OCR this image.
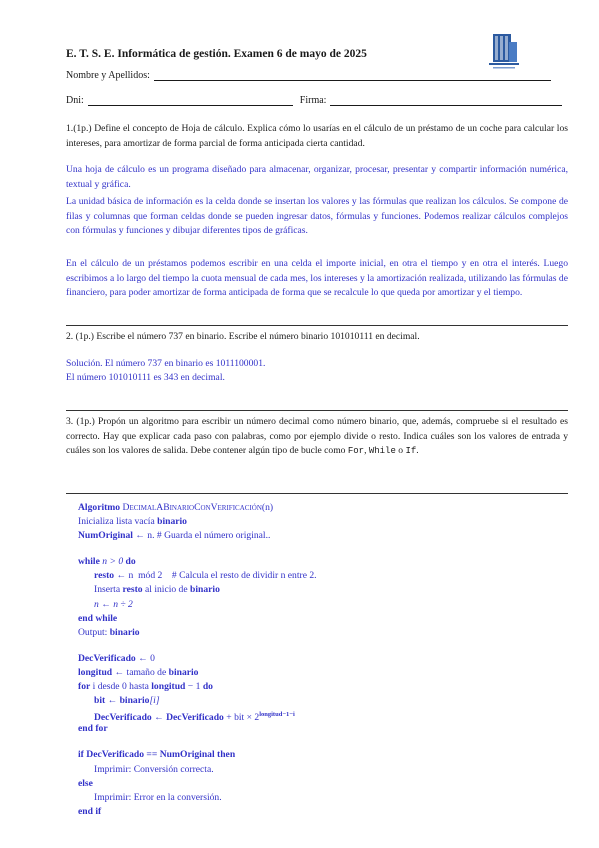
E. T. S. E. Informática de gestión. Examen 6 de mayo de 2025
Nombre y Apellidos:
Dni:	Firma:
1.(1p.) Define el concepto de Hoja de cálculo. Explica cómo lo usarías en el cálculo de un préstamo de un coche para calcular los intereses, para amortizar de forma parcial de forma anticipada cierta cantidad.
Una hoja de cálculo es un programa diseñado para almacenar, organizar, procesar, presentar y compartir información numérica, textual y gráfica.
La unidad básica de información es la celda donde se insertan los valores y las fórmulas que realizan los cálculos. Se compone de filas y columnas que forman celdas donde se pueden ingresar datos, fórmulas y funciones. Podemos realizar cálculos complejos con fórmulas y funciones y dibujar diferentes tipos de gráficas.
En el cálculo de un préstamos podemos escribir en una celda el importe inicial, en otra el tiempo y en otra el interés. Luego escribimos a lo largo del tiempo la cuota mensual de cada mes, los intereses y la amortización realizada, utilizando las fórmulas de financiero, para poder amortizar de forma anticipada de forma que se recalcule lo que queda por amortizar y el tiempo.
2. (1p.) Escribe el número 737 en binario. Escribe el número binario 101010111 en decimal.
Solución. El número 737 en binario es 1011100001.
El número 101010111 es 343 en decimal.
3. (1p.) Propón un algoritmo para escribir un número decimal como número binario, que, además, compruebe si el resultado es correcto. Hay que explicar cada paso con palabras, como por ejemplo divide o resto. Indica cuáles son los valores de entrada y cuáles son los valores de salida. Debe contener algún tipo de bucle como For, While o If.
Algoritmo DecimalABinarioConVerificación(n)
Inicializa lista vacía binario
NumOriginal ← n. # Guarda el número original..
while n > 0 do
resto ← n  mód 2    # Calcula el resto de dividir n entre 2.
Inserta resto al inicio de binario
n ← n ÷ 2
end while
Output: binario
DecVerificado ← 0
longitud ← tamaño de binario
for i desde 0 hasta longitud − 1 do
bit ← binario[i]
DecVerificado ← DecVerificado + bit × $2^{longitud-1-i}$
end for
if DecVerificado == NumOriginal then
Imprimir: Conversión correcta.
else
Imprimir: Error en la conversión.
end if
